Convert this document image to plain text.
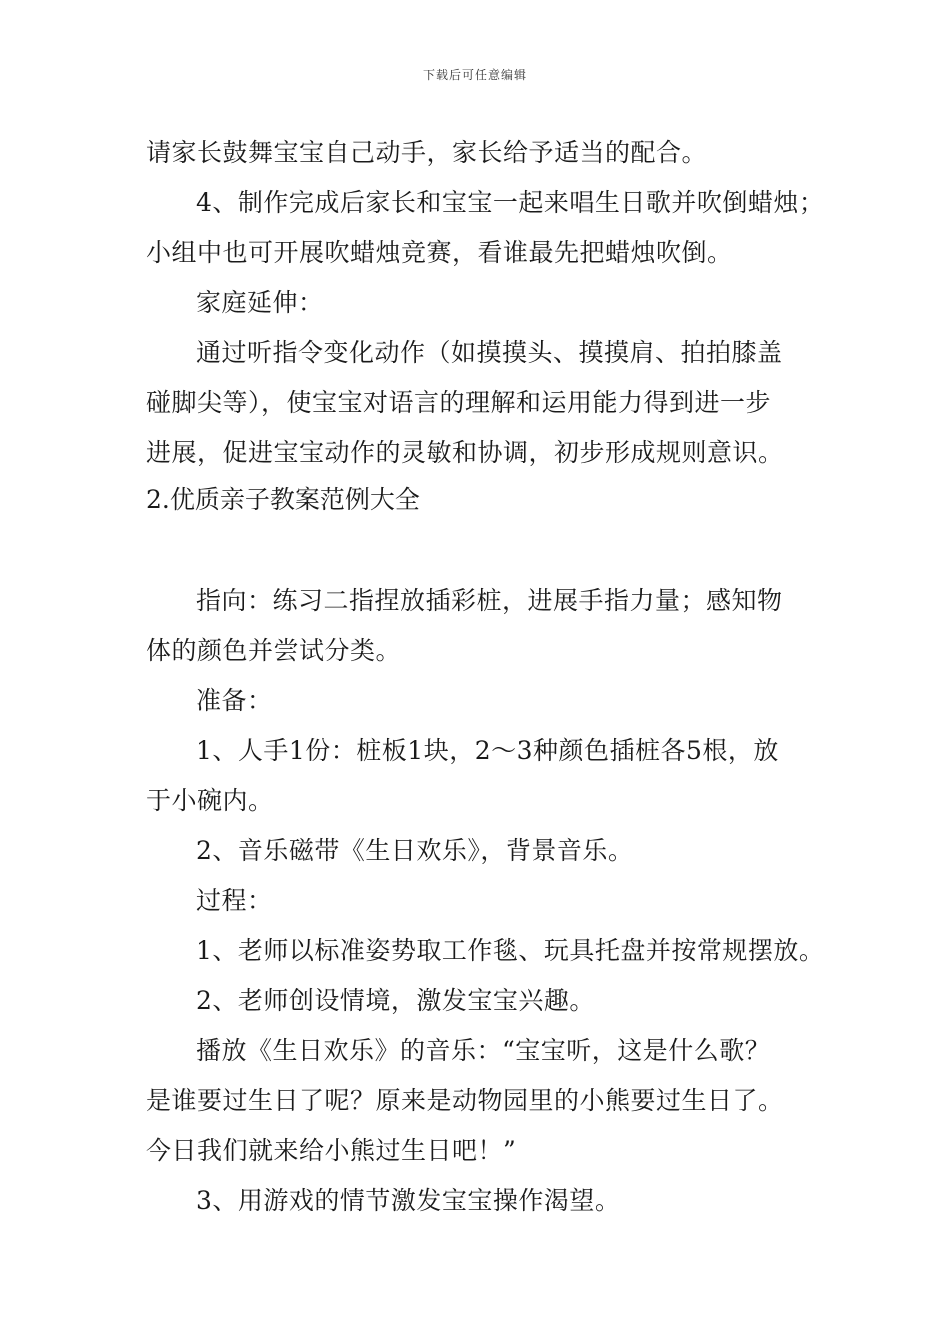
下载后可任意编辑
请家长鼓舞宝宝自己动手，家长给予适当的配合。
4、制作完成后家长和宝宝一起来唱生日歌并吹倒蜡烛；
小组中也可开展吹蜡烛竞赛，看谁最先把蜡烛吹倒。
家庭延伸：
通过听指令变化动作（如摸摸头、摸摸肩、拍拍膝盖
碰脚尖等），使宝宝对语言的理解和运用能力得到进一步
进展，促进宝宝动作的灵敏和协调，初步形成规则意识。
2.优质亲子教案范例大全
指向：练习二指捏放插彩桩，进展手指力量；感知物
体的颜色并尝试分类。
准备：
1、人手1份：桩板1块，2～3种颜色插桩各5根，放
于小碗内。
2、音乐磁带《生日欢乐》，背景音乐。
过程：
1、老师以标准姿势取工作毯、玩具托盘并按常规摆放。
2、老师创设情境，激发宝宝兴趣。
播放《生日欢乐》的音乐：“宝宝听，这是什么歌？
是谁要过生日了呢？原来是动物园里的小熊要过生日了。
今日我们就来给小熊过生日吧！”
3、用游戏的情节激发宝宝操作渴望。
